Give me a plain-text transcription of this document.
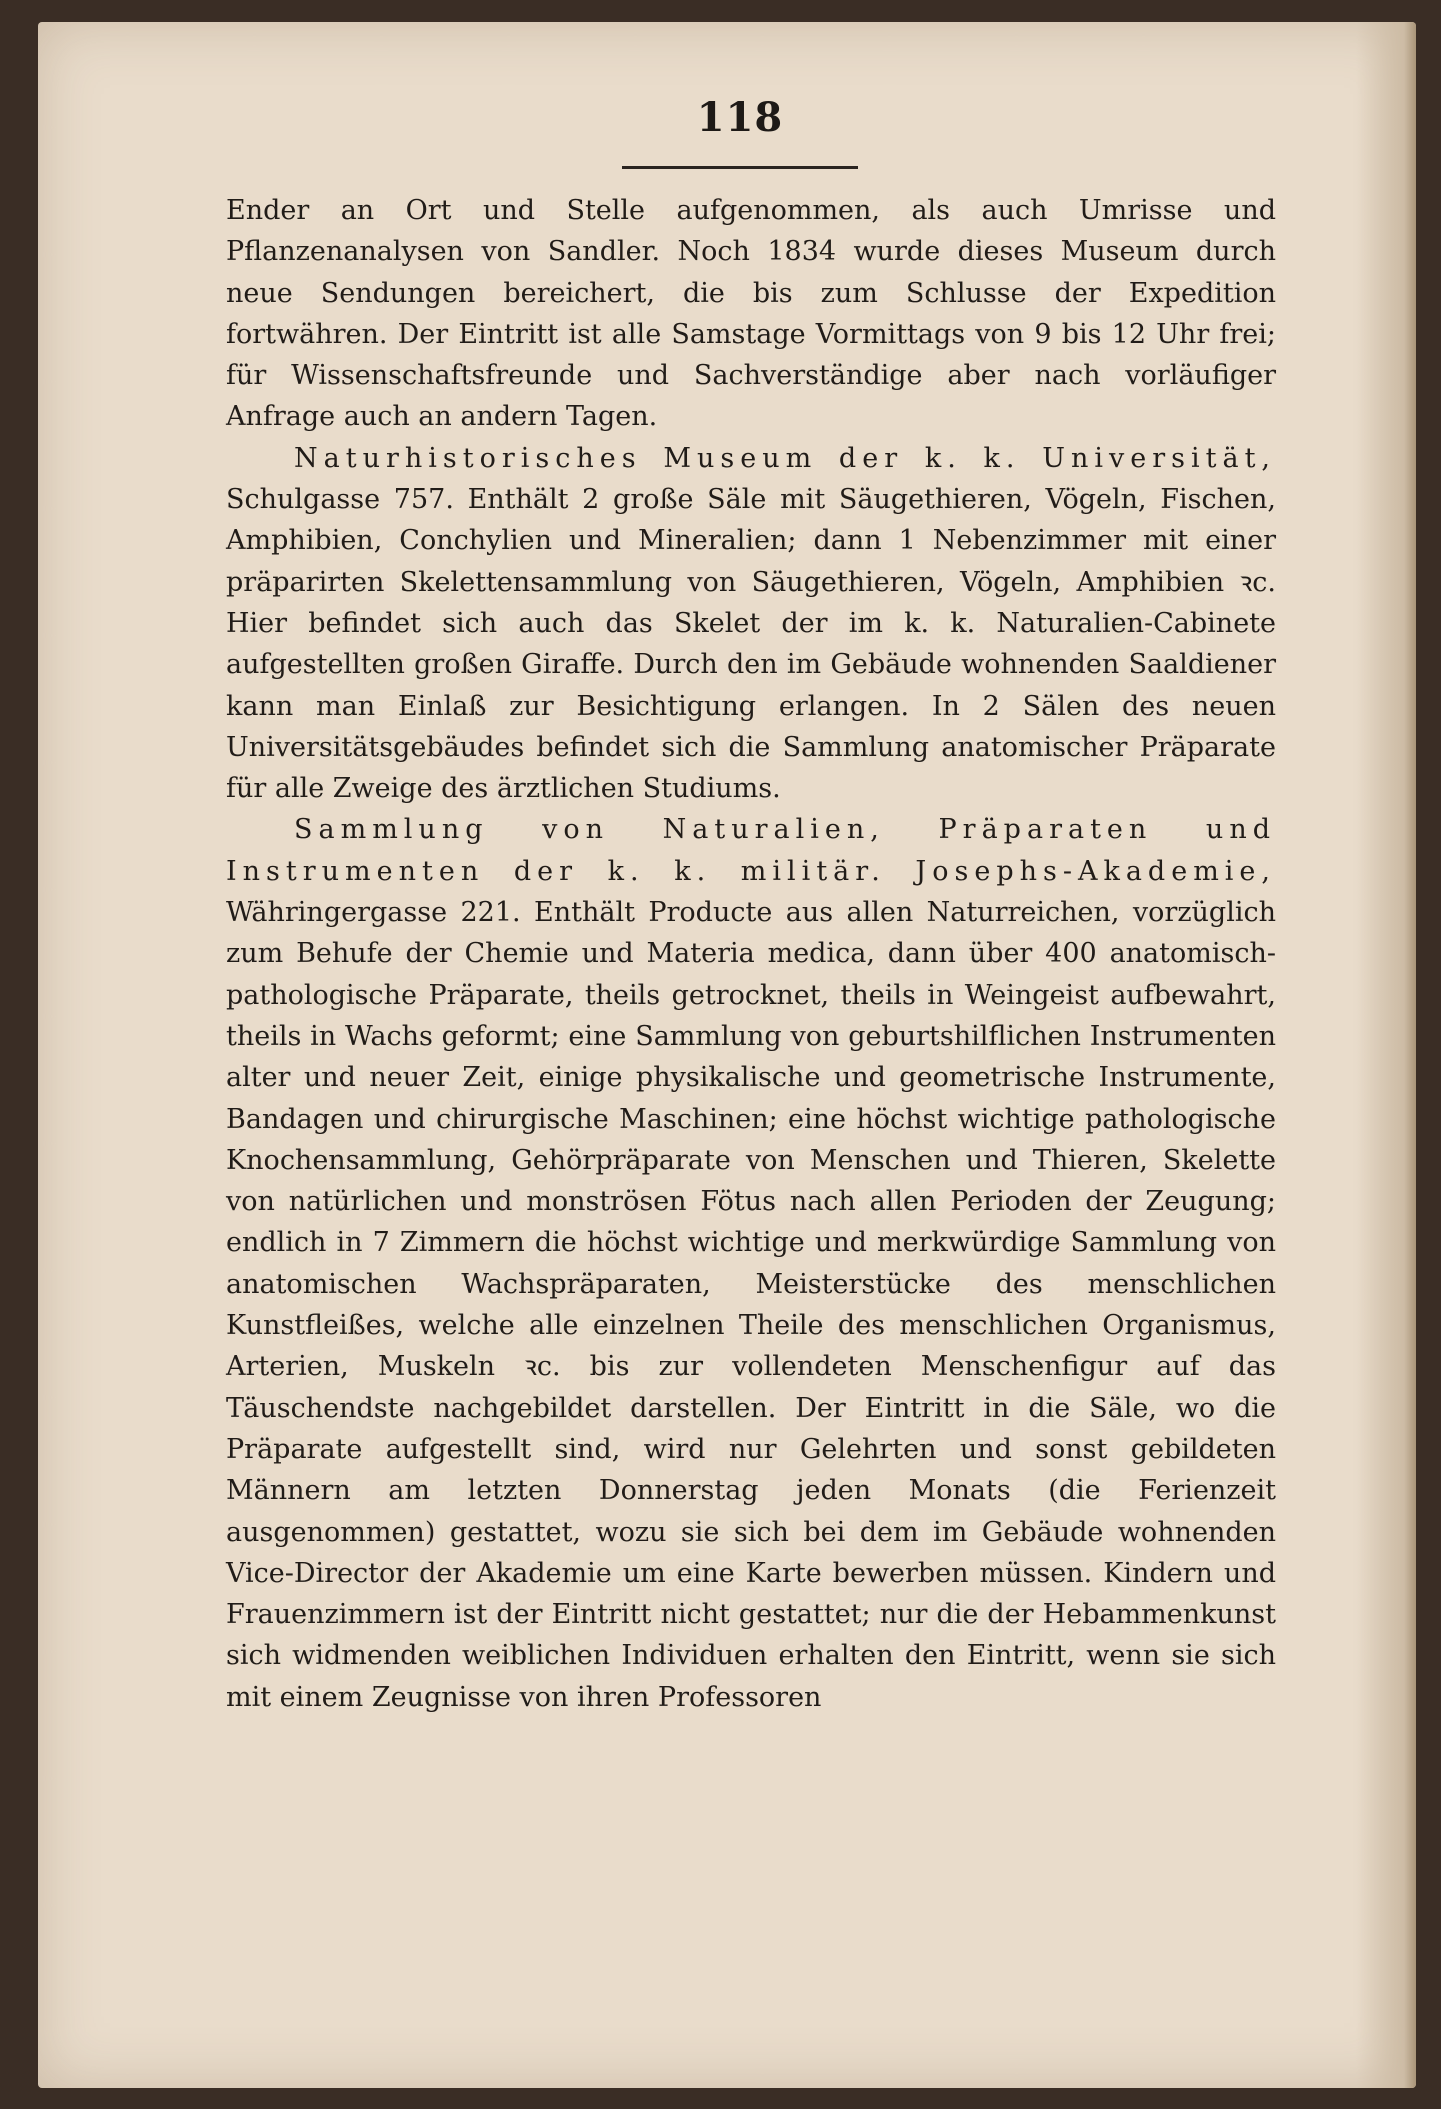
118

Ender an Ort und Stelle aufgenommen, als auch Umrisse und Pflanzenanalysen von Sandler. Noch 1834 wurde dieses Museum durch neue Sendungen bereichert, die bis zum Schlusse der Expedition fortwähren. Der Eintritt ist alle Samstage Vormittags von 9 bis 12 Uhr frei; für Wissenschaftsfreunde und Sachverständige aber nach vorläufiger Anfrage auch an andern Tagen.

Naturhistorisches Museum der k. k. Universität, Schulgasse 757. Enthält 2 große Säle mit Säugethieren, Vögeln, Fischen, Amphibien, Conchylien und Mineralien; dann 1 Nebenzimmer mit einer präparirten Skelettensammlung von Säugethieren, Vögeln, Amphibien ꝛc. Hier befindet sich auch das Skelet der im k. k. Naturalien-Cabinete aufgestellten großen Giraffe. Durch den im Gebäude wohnenden Saaldiener kann man Einlaß zur Besichtigung erlangen. In 2 Sälen des neuen Universitätsgebäudes befindet sich die Sammlung anatomischer Präparate für alle Zweige des ärztlichen Studiums.

Sammlung von Naturalien, Präparaten und Instrumenten der k. k. militär. Josephs-Akademie, Währingergasse 221. Enthält Producte aus allen Naturreichen, vorzüglich zum Behufe der Chemie und Materia medica, dann über 400 anatomisch-pathologische Präparate, theils getrocknet, theils in Weingeist aufbewahrt, theils in Wachs geformt; eine Sammlung von geburtshilflichen Instrumenten alter und neuer Zeit, einige physikalische und geometrische Instrumente, Bandagen und chirurgische Maschinen; eine höchst wichtige pathologische Knochensammlung, Gehörpräparate von Menschen und Thieren, Skelette von natürlichen und monströsen Fötus nach allen Perioden der Zeugung; endlich in 7 Zimmern die höchst wichtige und merkwürdige Sammlung von anatomischen Wachspräparaten, Meisterstücke des menschlichen Kunstfleißes, welche alle einzelnen Theile des menschlichen Organismus, Arterien, Muskeln ꝛc. bis zur vollendeten Menschenfigur auf das Täuschendste nachgebildet darstellen. Der Eintritt in die Säle, wo die Präparate aufgestellt sind, wird nur Gelehrten und sonst gebildeten Männern am letzten Donnerstag jeden Monats (die Ferienzeit ausgenommen) gestattet, wozu sie sich bei dem im Gebäude wohnenden Vice-Director der Akademie um eine Karte bewerben müssen. Kindern und Frauenzimmern ist der Eintritt nicht gestattet; nur die der Hebammenkunst sich widmenden weiblichen Individuen erhalten den Eintritt, wenn sie sich mit einem Zeugnisse von ihren Professoren
